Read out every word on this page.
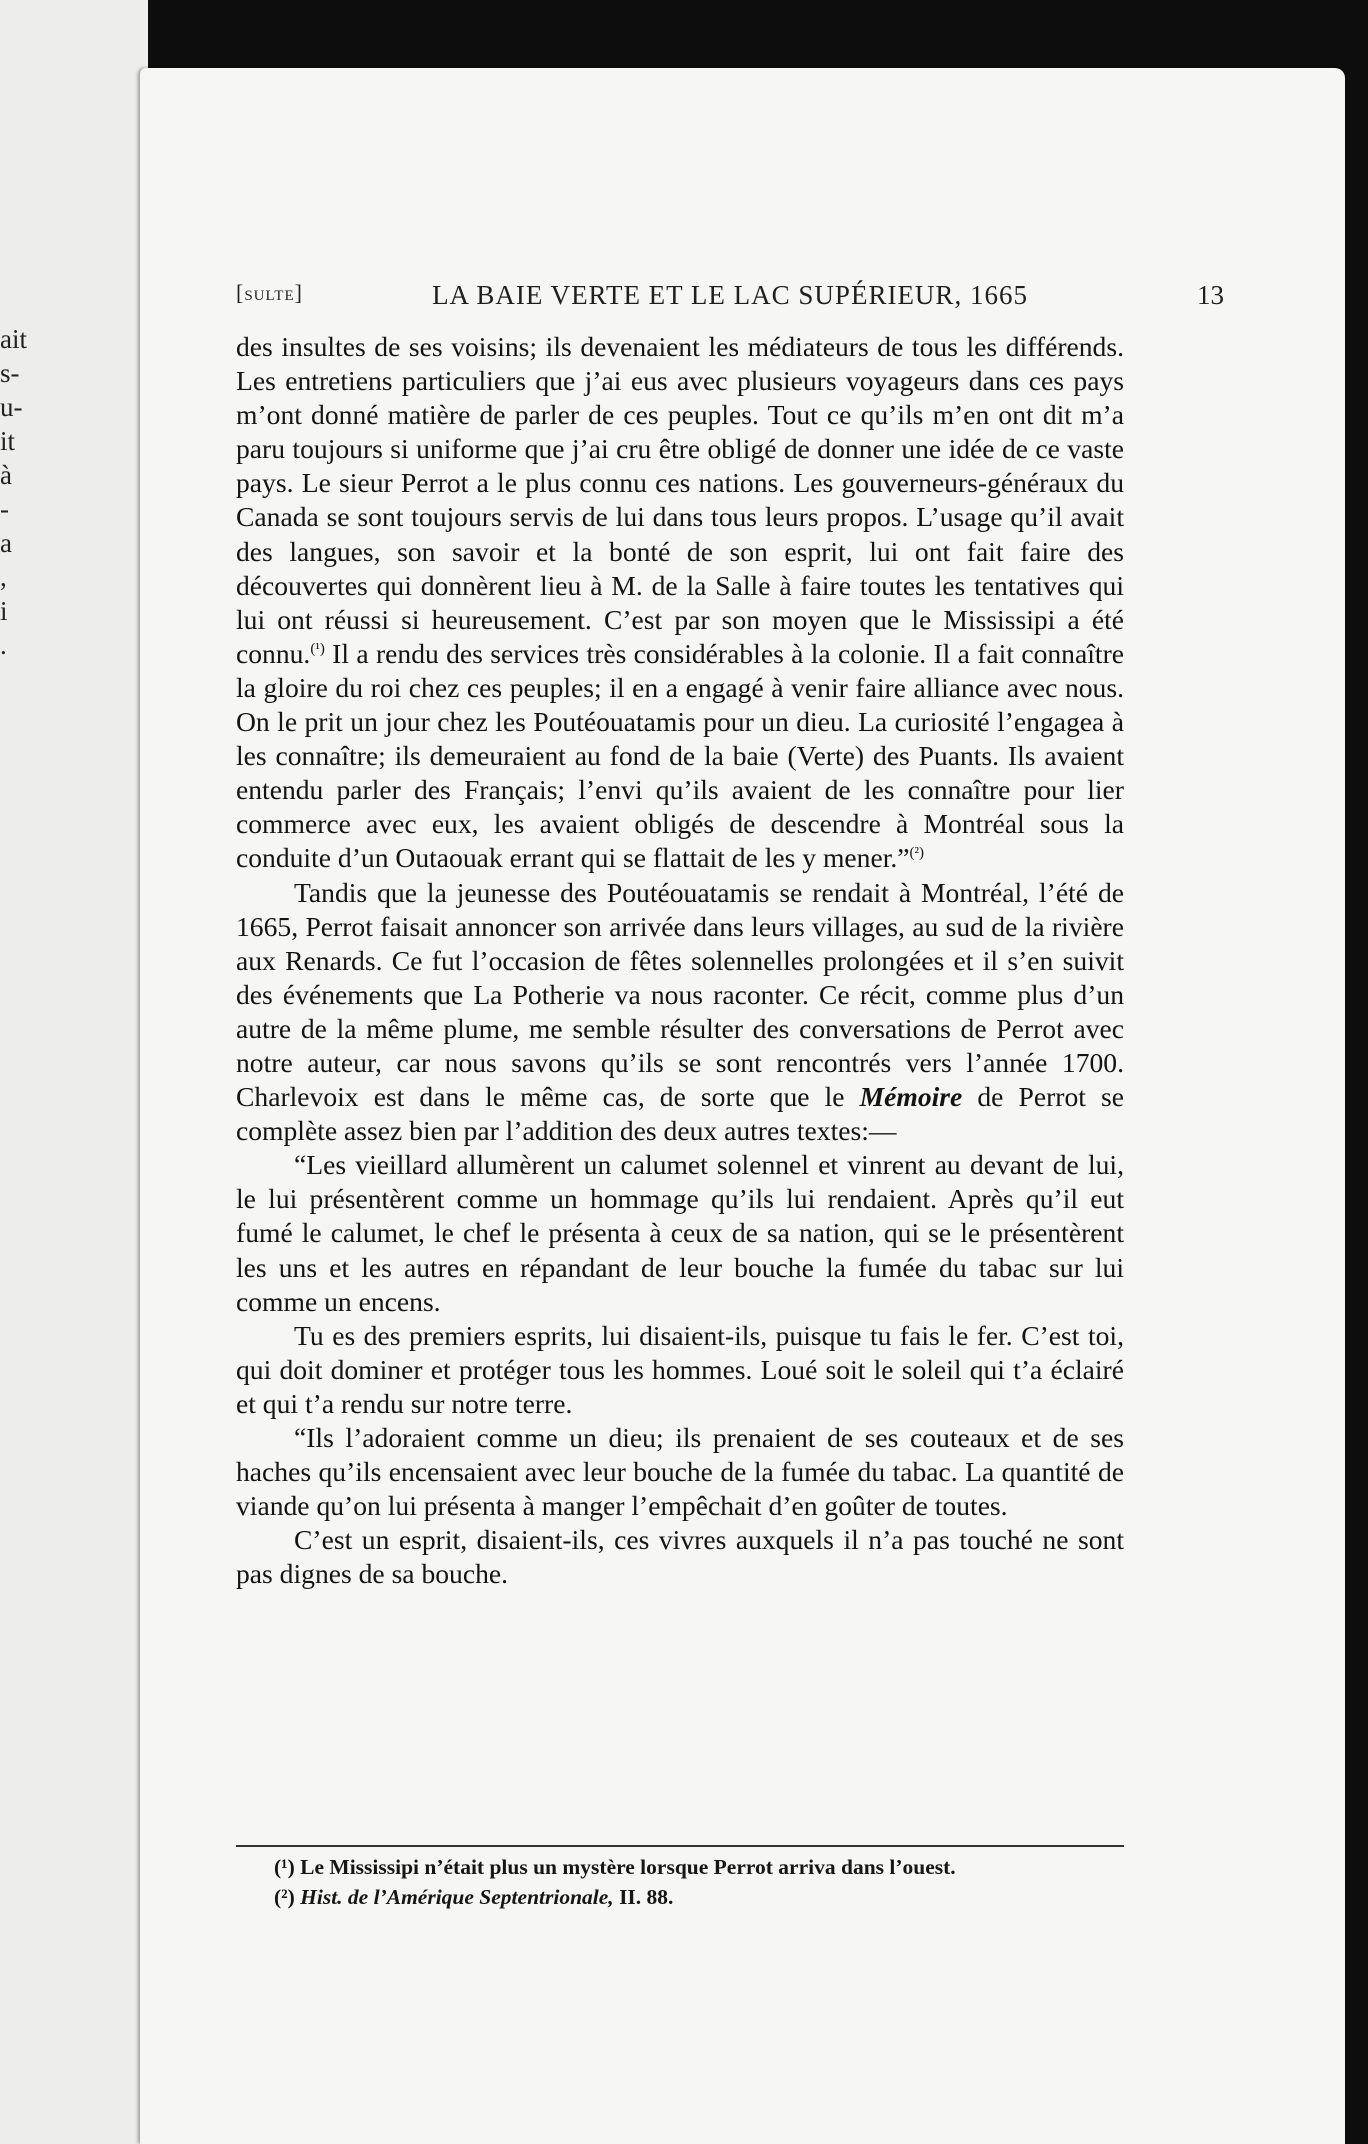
ait
s-
u-
it
à
-
a
,
i
.
[sulte]	LA BAIE VERTE ET LE LAC SUPÉRIEUR, 1665	13

des insultes de ses voisins; ils devenaient les médiateurs de tous les différends. Les entretiens particuliers que j’ai eus avec plusieurs voyageurs dans ces pays m’ont donné matière de parler de ces peuples. Tout ce qu’ils m’en ont dit m’a paru toujours si uniforme que j’ai cru être obligé de donner une idée de ce vaste pays. Le sieur Perrot a le plus connu ces nations. Les gouverneurs-généraux du Canada se sont toujours servis de lui dans tous leurs propos. L’usage qu’il avait des langues, son savoir et la bonté de son esprit, lui ont fait faire des découvertes qui donnèrent lieu à M. de la Salle à faire toutes les tentatives qui lui ont réussi si heureusement. C’est par son moyen que le Mississipi a été connu.$^{(^1)}$ Il a rendu des services très considérables à la colonie. Il a fait connaître la gloire du roi chez ces peuples; il en a engagé à venir faire alliance avec nous. On le prit un jour chez les Poutéouatamis pour un dieu. La curiosité l’engagea à les connaître; ils demeuraient au fond de la baie (Verte) des Puants. Ils avaient entendu parler des Français; l’envi qu’ils avaient de les connaître pour lier commerce avec eux, les avaient obligés de descendre à Montréal sous la conduite d’un Outaouak errant qui se flattait de les y mener.”$^{(^2)}$

Tandis que la jeunesse des Poutéouatamis se rendait à Montréal, l’été de 1665, Perrot faisait annoncer son arrivée dans leurs villages, au sud de la rivière aux Renards. Ce fut l’occasion de fêtes solennelles prolongées et il s’en suivit des événements que La Potherie va nous raconter. Ce récit, comme plus d’un autre de la même plume, me semble résulter des conversations de Perrot avec notre auteur, car nous savons qu’ils se sont rencontrés vers l’année 1700. Charlevoix est dans le même cas, de sorte que le Mémoire de Perrot se complète assez bien par l’addition des deux autres textes:—

“Les vieillard allumèrent un calumet solennel et vinrent au devant de lui, le lui présentèrent comme un hommage qu’ils lui rendaient. Après qu’il eut fumé le calumet, le chef le présenta à ceux de sa nation, qui se le présentèrent les uns et les autres en répandant de leur bouche la fumée du tabac sur lui comme un encens.

Tu es des premiers esprits, lui disaient-ils, puisque tu fais le fer. C’est toi, qui doit dominer et protéger tous les hommes. Loué soit le soleil qui t’a éclairé et qui t’a rendu sur notre terre.

“Ils l’adoraient comme un dieu; ils prenaient de ses couteaux et de ses haches qu’ils encensaient avec leur bouche de la fumée du tabac. La quantité de viande qu’on lui présenta à manger l’empêchait d’en goûter de toutes.

C’est un esprit, disaient-ils, ces vivres auxquels il n’a pas touché ne sont pas dignes de sa bouche.

(¹) Le Mississipi n’était plus un mystère lorsque Perrot arriva dans l’ouest.

(²) Hist. de l’Amérique Septentrionale, II. 88.
